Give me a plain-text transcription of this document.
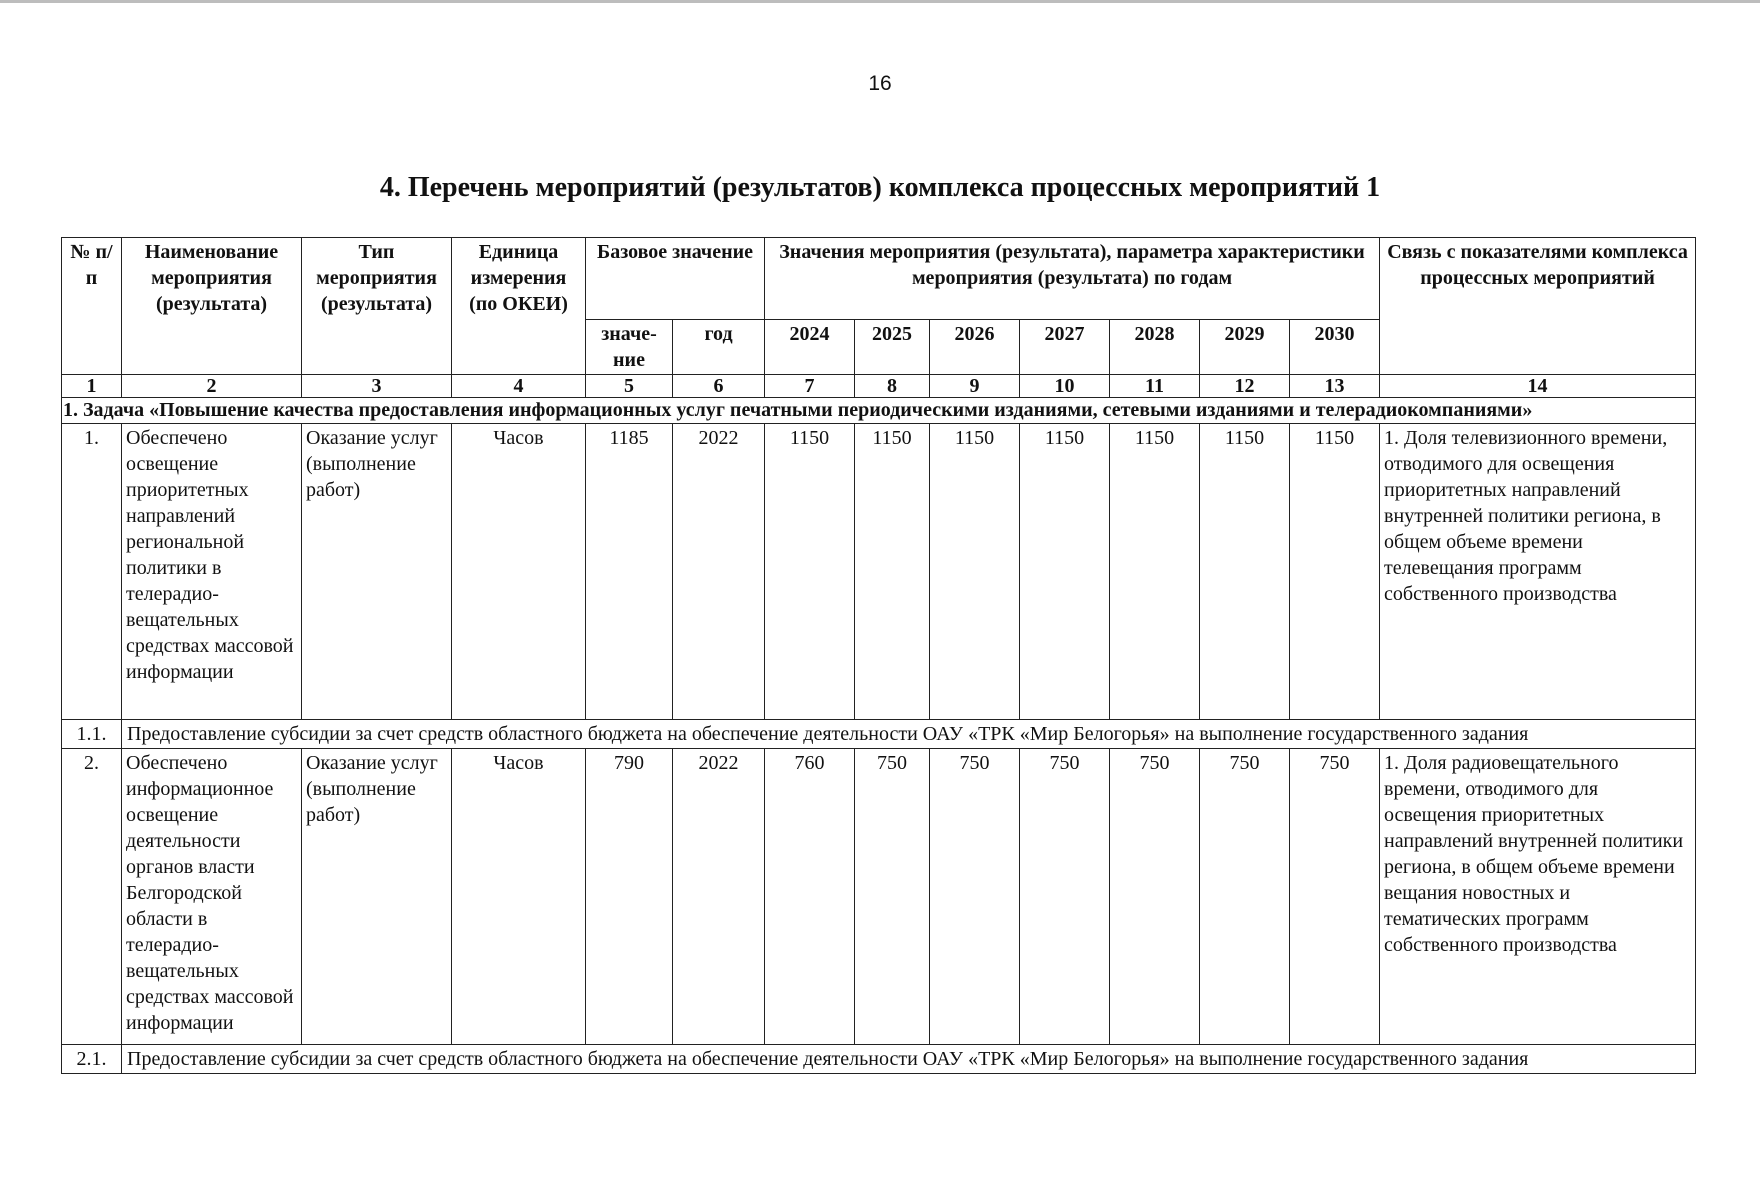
16
4. Перечень мероприятий (результатов) комплекса процессных мероприятий 1
№ п/п	Наименование мероприятия (результата)	Тип мероприятия (результата)	Единица измерения (по ОКЕИ)	Базовое значение		Значения мероприятия (результата), параметра характеристики мероприятия (результата) по годам							Связь с показателями комплекса процессных мероприятий
				значе-ние	год	2024	2025	2026	2027	2028	2029	2030	
1	2	3	4	5	6	7	8	9	10	11	12	13	14
1. Задача «Повышение качества предоставления информационных услуг печатными периодическими изданиями, сетевыми изданиями и телерадиокомпаниями»													
1.	Обеспечено освещение приоритетных направлений региональной политики в телерадио-вещательных средствах массовой информации	Оказание услуг (выполнение работ)	Часов	1185	2022	1150	1150	1150	1150	1150	1150	1150	1. Доля телевизионного времени, отводимого для освещения приоритетных направлений внутренней политики региона, в общем объеме времени телевещания программ собственного производства
1.1.	Предоставление субсидии за счет средств областного бюджета на обеспечение деятельности ОАУ «ТРК «Мир Белогорья» на выполнение государственного задания												
2.	Обеспечено информационное освещение деятельности органов власти Белгородской области в телерадио-вещательных средствах массовой информации	Оказание услуг (выполнение работ)	Часов	790	2022	760	750	750	750	750	750	750	1. Доля радиовещательного времени, отводимого для освещения приоритетных направлений внутренней политики региона, в общем объеме времени вещания новостных и тематических программ собственного производства
2.1.	Предоставление субсидии за счет средств областного бюджета на обеспечение деятельности ОАУ «ТРК «Мир Белогорья» на выполнение государственного задания												
